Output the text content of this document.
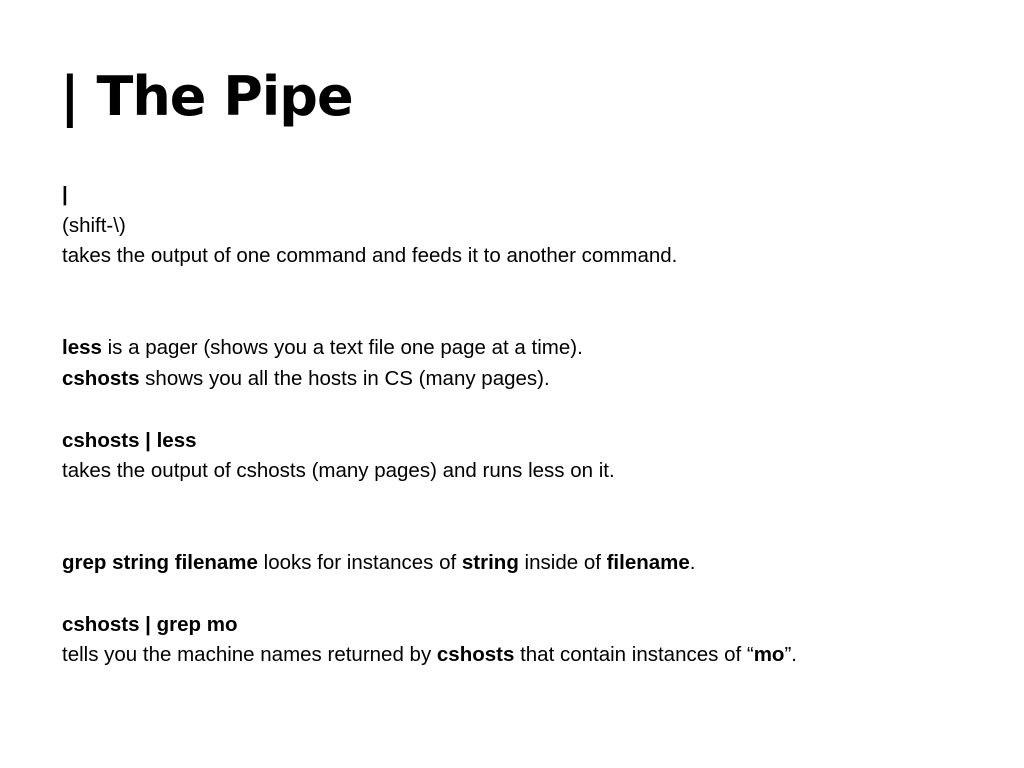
| The Pipe
|
(shift-\)
takes the output of one command and feeds it to another command.
less is a pager (shows you a text file one page at a time).
cshosts shows you all the hosts in CS (many pages).
cshosts | less
takes the output of cshosts (many pages) and runs less on it.
grep string filename looks for instances of string inside of filename.
cshosts | grep mo
tells you the machine names returned by cshosts that contain instances of “mo”.
